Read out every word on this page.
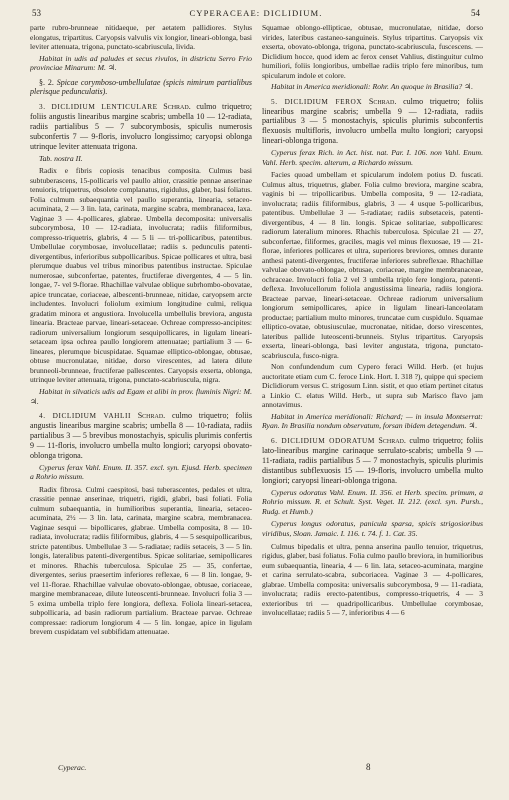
53	CYPERACEAE: DICLIDIUM.	54

parte rubro-brunneae nitidaeque, per aetatem pallidiores. Stylus elongatus, tripartitus. Caryopsis valvulis vix longior, lineari-oblonga, basi leviter attenuata, trigona, punctato-scabriuscula, livida.

Habitat in udis ad paludes et secus rivulos, in districtu Serro Frio provinciae Minarum: M. ♃.

§. 2. Spicae corymboso-umbellulatae (spicis nimirum partialibus plerisque pedunculatis).

3. DICLIDIUM LENTICULARE Schrad. culmo triquetro; foliis angustis linearibus margine scabris; umbella 10 — 12-radiata, radiis partialibus 5 — 7 subcorymbosis, spiculis numerosis subconfertis 7 — 9-floris, involucro longissimo; caryopsi oblonga utrinque leviter attenuata trigona.

Tab. nostra II.

Radix e fibris copiosis tenacibus composita. Culmus basi subtuberascens, 15-pollicaris vel paullo altior, crassitie pennae anserinae tenuioris, triquetrus, obsolete complanatus, rigidulus, glaber, basi foliatus. Folia culmum subaequantia vel paullo superantia, linearia, setaceo-acuminata, 2 — 3 lin. lata, carinata, margine scabra, membranacea, laxa. Vaginae 3 — 4-pollicares, glabrae. Umbella decomposita: universalis subcorymbosa, 10 — 12-radiata, involucrata; radiis filiformibus, compresso-triquetris, glabris, 4 — 5 li — tri-pollicaribus, patentibus. Umbellulae corymbosae, involucellatae; radiis s. pedunculis patenti-divergentibus, inferioribus subpollicaribus. Spicae pollicares et ultra, basi plerumque duabus vel tribus minoribus patentibus instructae. Spiculae numerosae, subconfertae, patentes, fructiferae divergentes, 4 — 5 lin. longae, 7- vel 9-florae. Rhachillae valvulae oblique subrhombo-obovatae, apice truncatae, coriaceae, albescenti-brunneae, nitidae, caryopsem arcte includentes. Involucri foliolum eximium longitudine culmi, reliqua gradatim minora et angustiora. Involucella umbellulis breviora, angusta linearia. Bracteae parvae, lineari-setaceae. Ochreae compresso-ancipites: radiorum universalium longiorum sesquipollicares, in ligulam lineari-setaceam ipsa ochrea paullo longiorem attenuatae; partialium 3 — 6-lineares, plerumque bicuspidatae. Squamae elliptico-oblongae, obtusae, obtuse mucronulatae, nitidae, dorso virescentes, ad latera dilute brunneoli-brunneae, fructiferae pallescentes. Caryopsis exserta, oblonga, utrinque leviter attenuata, trigona, punctato-scabriuscula, nigra.

Habitat in silvaticis udis ad Egam et alibi in prov. fluminis Nigri: M. ♃.

4. DICLIDIUM VAHLII Schrad. culmo triquetro; foliis angustis linearibus margine scabris; umbella 8 — 10-radiata, radiis partialibus 3 — 5 brevibus monostachyis, spiculis plurimis confertis 9 — 11-floris, involucro umbella multo longiori; caryopsi obovato-oblonga trigona.

Cyperus ferax Vahl. Enum. II. 357. excl. syn. Ejusd. Herb. specimen a Rohrio missum.

Radix fibrosa. Culmi caespitosi, basi tuberascentes, pedales et ultra, crassitie pennae anserinae, triquetri, rigidi, glabri, basi foliati. Folia culmum subaequantia, in humilioribus superantia, linearia, setaceo-acuminata, 2½ — 3 lin. lata, carinata, margine scabra, membranacea. Vaginae sesqui — bipollicares, glabrae. Umbella composita, 8 — 10-radiata, involucrata; radiis filiformibus, glabris, 4 — 5 sesquipollicaribus, stricte patentibus. Umbellulae 3 — 5-radiatae; radiis setaceis, 3 — 5 lin. longis, lateralibus patenti-divergentibus. Spicae solitariae, semipollicares et minores. Rhachis tuberculosa. Spiculae 25 — 35, confertae, divergentes, serius praesertim inferiores reflexae, 6 — 8 lin. longae, 9- vel 11-florae. Rhachillae valvulae obovato-oblongae, obtusae, coriaceae, margine membranaceae, dilute luteoscenti-brunneae. Involucri folia 3 — 5 exima umbella triplo fere longiora, deflexa. Foliola lineari-setacea, subpollicaria, ad basin radiorum partialium. Bracteae parvae. Ochreae compressae: radiorum longiorum 4 — 5 lin. longae, apice in ligulam brevem cuspidatam vel subbifidam attenuatae.

Squamae oblongo-ellipticae, obtusae, mucronulatae, nitidae, dorso virides, lateribus castaneo-sanguineis. Stylus tripartitus. Caryopsis vix exserta, obovato-oblonga, trigona, punctato-scabriuscula, fuscescens. — Diclidium hocce, quod idem ac ferox censet Vahlius, distinguitur culmo humiliori, foliis longioribus, umbellae radiis triplo fere minoribus, tum spicularum indole et colore.

Habitat in America meridionali: Rohr. An quoque in Brasilia? ♃.

5. DICLIDIUM FEROX Schrad. culmo triquetro; foliis linearibus margine scabris; umbella 9 — 12-radiata, radiis partialibus 3 — 5 monostachyis, spiculis plurimis subconfertis flexuosis multifloris, involucro umbella multo longiori; caryopsi lineari-oblonga trigona.

Cyperus ferax Rich. in Act. hist. nat. Par. I. 106. non Vahl. Enum. Vahl. Herb. specim. alterum, a Richardo missum.

Facies quoad umbellam et spicularum indolem potius D. fuscati. Culmus altus, triquetrus, glaber. Folia culmo breviora, margine scabra, vaginis bi — tripollicaribus. Umbella composita, 9 — 12-radiata, involucrata; radiis filiformibus, glabris, 3 — 4 usque 5-pollicaribus, patentibus. Umbellulae 3 — 5-radiatae; radiis subsetaceis, patenti-divergentibus, 4 — 8 lin. longis. Spicae solitariae, subpollicares: radiorum lateralium minores. Rhachis tuberculosa. Spiculae 21 — 27, subconfertae, filiformes, graciles, magis vel minus flexuosae, 19 — 21-florae, inferiores pollicares et ultra, superiores breviores, omnes durante anthesi patenti-divergentes, fructiferae inferiores subreflexae. Rhachillae valvulae obovato-oblongae, obtusae, coriaceae, margine membranaceae, ochraceae. Involucri folia 2 vel 3 umbella triplo fere longiora, patenti-deflexa. Involucellorum foliola angustissima linearia, radiis longiora. Bracteae parvae, lineari-setaceae. Ochreae radiorum universalium longiorum semipollicares, apice in ligulam lineari-lanceolatam productae; partialium multo minores, truncatae cum cuspidulo. Squamae elliptico-ovatae, obtusiusculae, mucronatae, nitidae, dorso virescentes, lateribus pallide luteoscenti-brunneis. Stylus tripartitus. Caryopsis exserta, lineari-oblonga, basi leviter angustata, trigona, punctato-scabriuscula, fusco-nigra.

Non confundendum cum Cypero feraci Willd. Herb. (et hujus auctoritate etiam cum C. feroce Link. Hort. I. 318 ?), quippe qui speciem Diclidiorum versus C. strigosum Linn. sistit, et quo etiam pertinet citatus a Linkio C. elatus Willd. Herb., ut supra sub Marisco flavo jam annotavimus.

Habitat in America meridionali: Richard; — in insula Montserrat: Ryan. In Brasilia nondum observatum, forsan ibidem detegendum. ♃.

6. DICLIDIUM ODORATUM Schrad. culmo triquetro; foliis lato-linearibus margine carinaque serrulato-scabris; umbella 9 — 11-radiata, radiis partialibus 5 — 7 monostachyis, spiculis plurimis distantibus subflexuosis 15 — 19-floris, involucro umbella multo longiori; caryopsi lineari-oblonga trigona.

Cyperus odoratus Vahl. Enum. II. 356. et Herb. specim. primum, a Rohrio missum. R. et Schult. Syst. Veget. II. 212. (excl. syn. Pursh., Rudg. et Humb.)

Cyperus longus odoratus, panicula sparsa, spicis strigosioribus viridibus, Sloan. Jamaic. I. 116. t. 74. f. 1. Cat. 35.

Culmus bipedalis et ultra, penna anserina paullo tenuior, triquetrus, rigidus, glaber, basi foliatus. Folia culmo paullo breviora, in humilioribus eum subaequantia, linearia, 4 — 6 lin. lata, setaceo-acuminata, margine et carina serrulato-scabra, subcoriacea. Vaginae 3 — 4-pollicares, glabrae. Umbella composita: universalis subcorymbosa, 9 — 11-radiata, involucrata; radiis erecto-patentibus, compresso-triquetris, 4 — 3 exterioribus tri — quadripollicaribus. Umbellulae corymbosae, involucellatae; radiis 5 — 7, inferioribus 4 — 6

Cyperac.	8
